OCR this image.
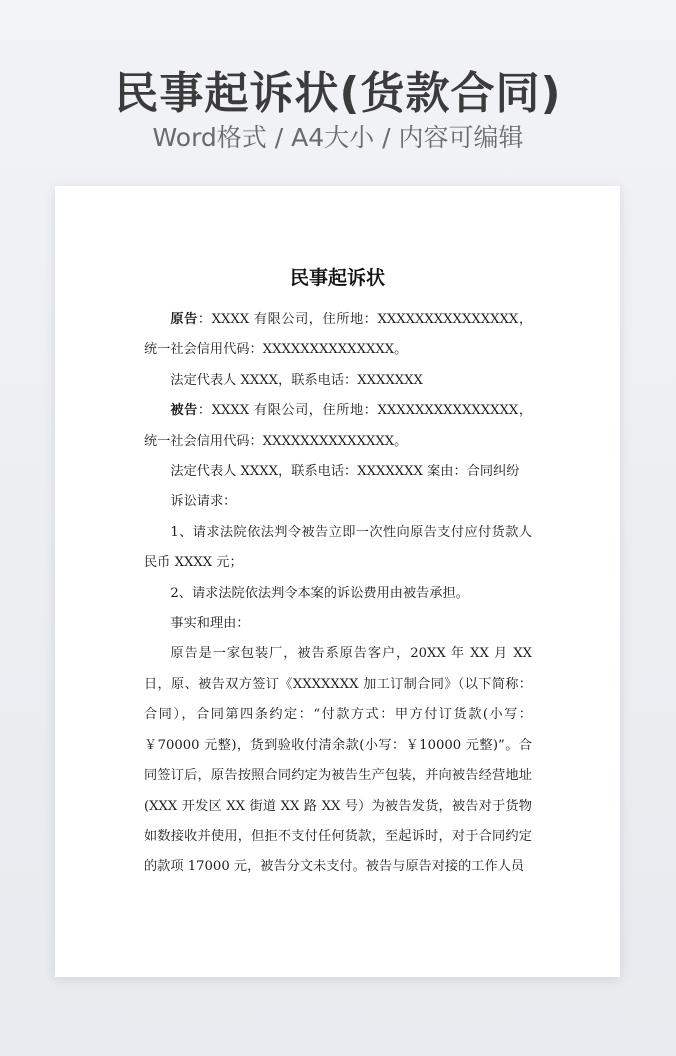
民事起诉状(货款合同)
Word格式 / A4大小 / 内容可编辑
民事起诉状

原告：XXXX 有限公司，住所地：XXXXXXXXXXXXXXX，统一社会信用代码：XXXXXXXXXXXXXX。

法定代表人 XXXX，联系电话：XXXXXXX

被告：XXXX 有限公司，住所地：XXXXXXXXXXXXXXX，统一社会信用代码：XXXXXXXXXXXXXX。

法定代表人 XXXX，联系电话：XXXXXXX 案由：合同纠纷

诉讼请求：

1、请求法院依法判令被告立即一次性向原告支付应付货款人民币 XXXX 元；

2、请求法院依法判令本案的诉讼费用由被告承担。

事实和理由：

原告是一家包装厂，被告系原告客户，20XX 年 XX 月 XX 日，原、被告双方签订《XXXXXXX 加工订制合同》（以下简称：合同），合同第四条约定：“付款方式：甲方付订货款(小写：￥70000 元整)，货到验收付清余款(小写：￥10000 元整)”。合同签订后，原告按照合同约定为被告生产包装，并向被告经营地址(XXX 开发区 XX 街道 XX 路 XX 号）为被告发货，被告对于货物如数接收并使用，但拒不支付任何货款，至起诉时，对于合同约定的款项 17000 元，被告分文未支付。被告与原告对接的工作人员
